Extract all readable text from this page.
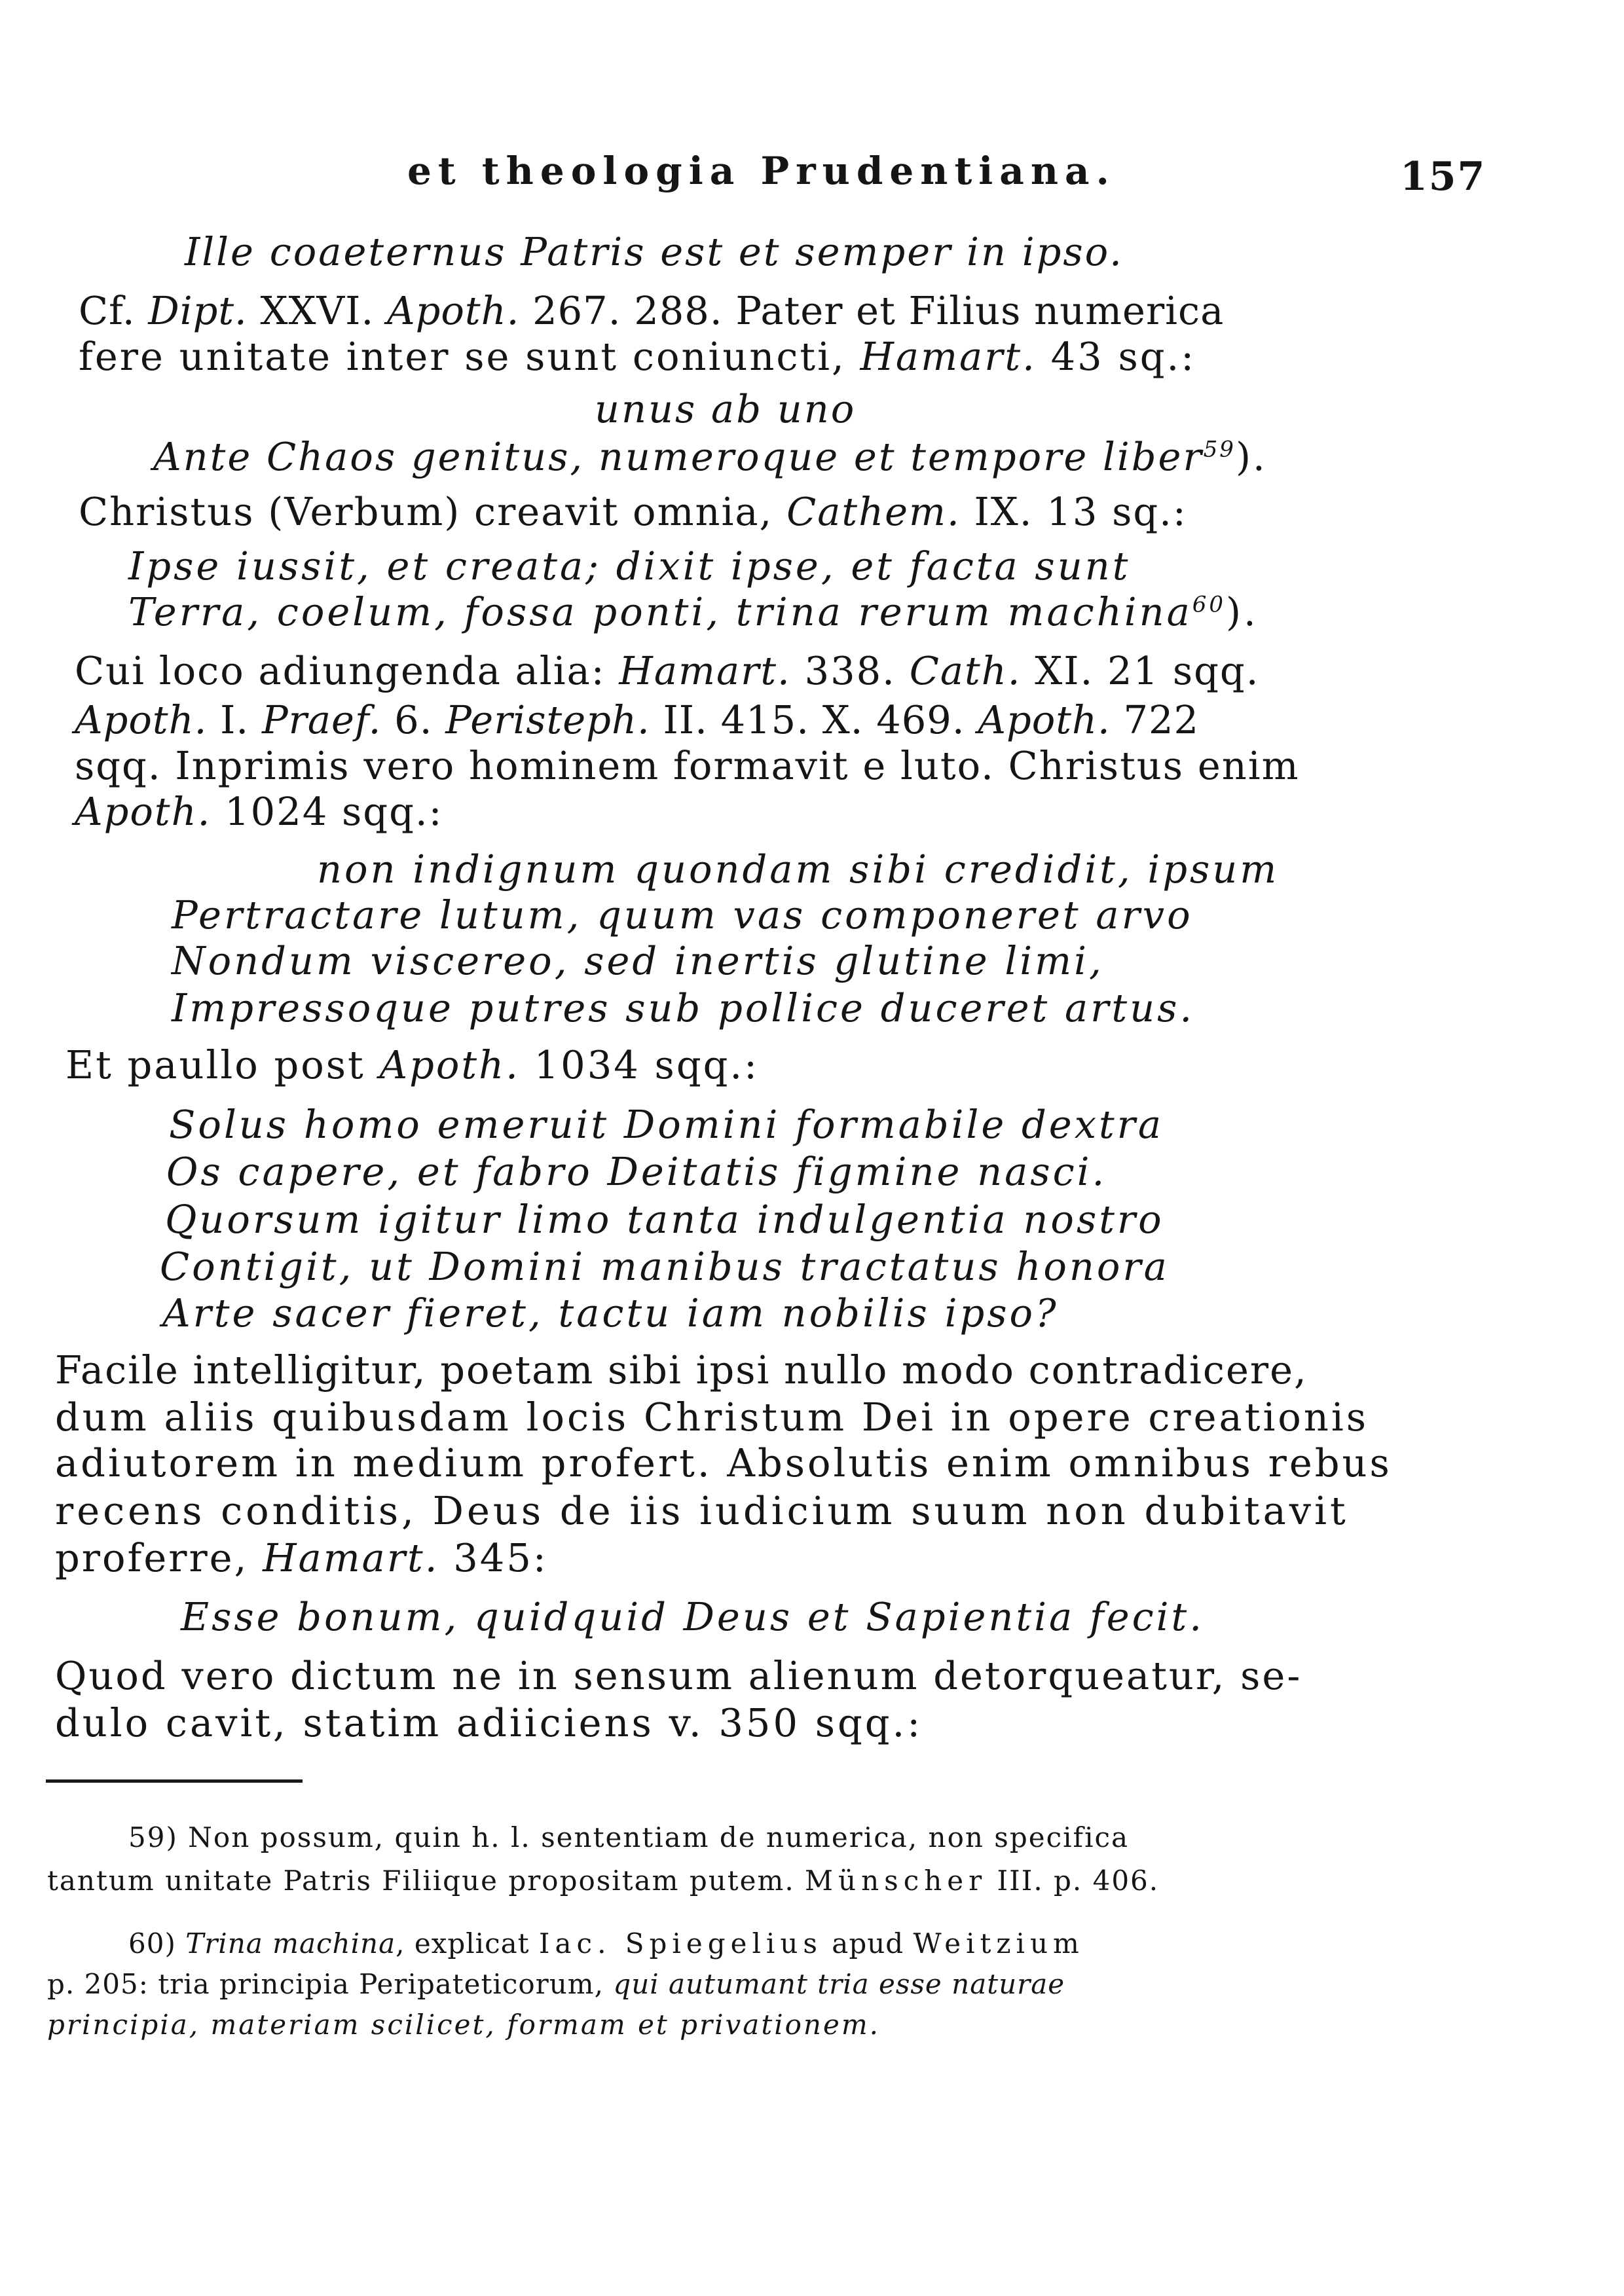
et theologia Prudentiana.	157
Ille coaeternus Patris est et semper in ipso.
Cf. Dipt. XXVI. Apoth. 267. 288. Pater et Filius numerica
fere unitate inter se sunt coniuncti, Hamart. 43 sq.:
unus ab uno
Ante Chaos genitus, numeroque et tempore liber$^{59}$).
Christus (Verbum) creavit omnia, Cathem. IX. 13 sq.:
Ipse iussit, et creata; dixit ipse, et facta sunt
Terra, coelum, fossa ponti, trina rerum machina$^{60}$).
Cui loco adiungenda alia: Hamart. 338. Cath. XI. 21 sqq.
Apoth. I. Praef. 6. Peristeph. II. 415. X. 469. Apoth. 722
sqq. Inprimis vero hominem formavit e luto. Christus enim
Apoth. 1024 sqq.:
non indignum quondam sibi credidit, ipsum
Pertractare lutum, quum vas componeret arvo
Nondum viscereo, sed inertis glutine limi,
Impressoque putres sub pollice duceret artus.
Et paullo post Apoth. 1034 sqq.:
Solus homo emeruit Domini formabile dextra
Os capere, et fabro Deitatis figmine nasci.
Quorsum igitur limo tanta indulgentia nostro
Contigit, ut Domini manibus tractatus honora
Arte sacer fieret, tactu iam nobilis ipso?
Facile intelligitur, poetam sibi ipsi nullo modo contradicere,
dum aliis quibusdam locis Christum Dei in opere creationis
adiutorem in medium profert. Absolutis enim omnibus rebus
recens conditis, Deus de iis iudicium suum non dubitavit
proferre, Hamart. 345:
Esse bonum, quidquid Deus et Sapientia fecit.
Quod vero dictum ne in sensum alienum detorqueatur, se-
dulo cavit, statim adiiciens v. 350 sqq.:
59) Non possum, quin h. l. sententiam de numerica, non specifica
tantum unitate Patris Filiique propositam putem. Münscher III. p. 406.
60) Trina machina, explicat Iac. Spiegelius apud Weitzium
p. 205: tria principia Peripateticorum, qui autumant tria esse naturae
principia, materiam scilicet, formam et privationem.
